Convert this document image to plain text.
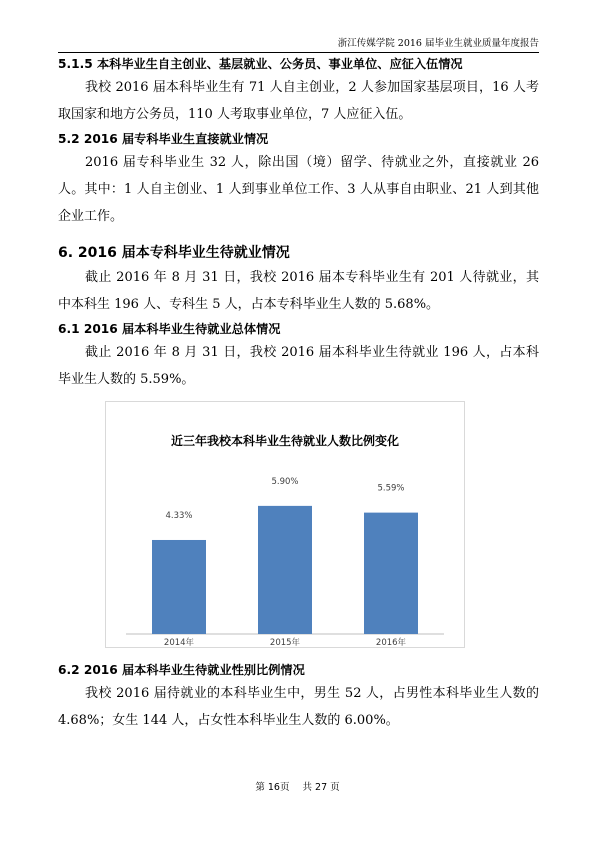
浙江传媒学院 2016 届毕业生就业质量年度报告
5.1.5 本科毕业生自主创业、基层就业、公务员、事业单位、应征入伍情况

我校 2016 届本科毕业生有 71 人自主创业，2 人参加国家基层项目，16 人考取国家和地方公务员，110 人考取事业单位，7 人应征入伍。

5.2 2016 届专科毕业生直接就业情况

2016 届专科毕业生 32 人，除出国（境）留学、待就业之外，直接就业 26 人。其中：1 人自主创业、1 人到事业单位工作、3 人从事自由职业、21 人到其他企业工作。

6. 2016 届本专科毕业生待就业情况

截止 2016 年 8 月 31 日，我校 2016 届本专科毕业生有 201 人待就业，其中本科生 196 人、专科生 5 人，占本专科毕业生人数的 5.68%。

6.1 2016 届本科毕业生待就业总体情况

截止 2016 年 8 月 31 日，我校 2016 届本科毕业生待就业 196 人，占本科毕业生人数的 5.59%。

近三年我校本科毕业生待就业人数比例变化
4.33%
2014年
5.90%
2015年
5.59%
2016年
6.2 2016 届本科毕业生待就业性别比例情况

我校 2016 届待就业的本科毕业生中，男生 52 人，占男性本科毕业生人数的 4.68%；女生 144 人，占女性本科毕业生人数的 6.00%。

第 16页 共 27 页
